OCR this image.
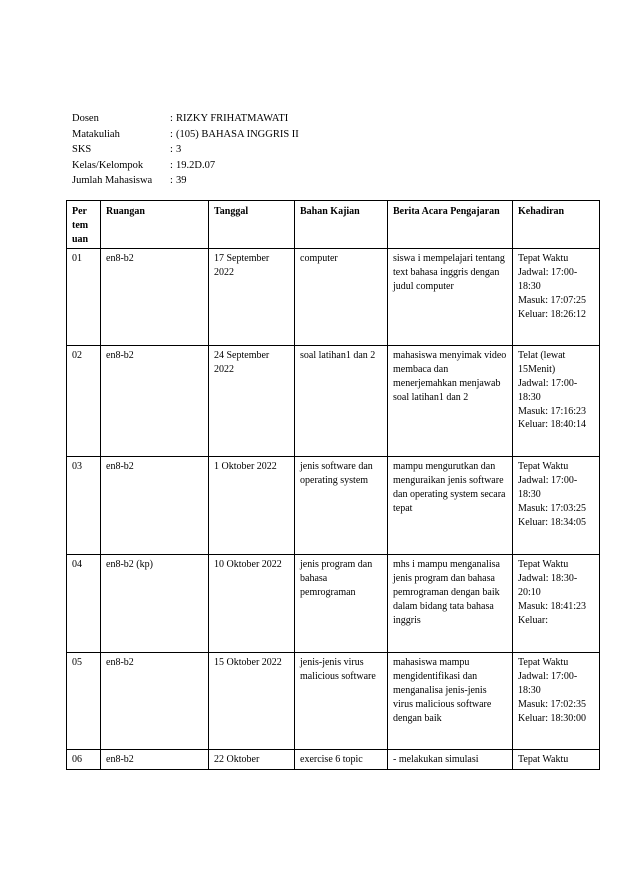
Dosen	: RIZKY FRIHATMAWATI
Matakuliah	: (105) BAHASA INGGRIS II
SKS	: 3
Kelas/Kelompok	: 19.2D.07
Jumlah Mahasiswa	: 39
Per tem uan	Ruangan	Tanggal	Bahan Kajian	Berita Acara Pengajaran	Kehadiran
01	en8-b2	17 September 2022	computer	siswa i mempelajari tentang text bahasa inggris dengan judul computer	Tepat Waktu
Jadwal: 17:00-18:30
Masuk: 17:07:25
Keluar: 18:26:12

02	en8-b2	24 September 2022	soal latihan1 dan 2	mahasiswa menyimak video membaca dan menerjemahkan menjawab soal latihan1 dan 2	Telat (lewat 15Menit)
Jadwal: 17:00-18:30
Masuk: 17:16:23
Keluar: 18:40:14

03	en8-b2	1 Oktober 2022	jenis software dan operating system	mampu mengurutkan dan menguraikan jenis software dan operating system secara tepat	Tepat Waktu
Jadwal: 17:00-18:30
Masuk: 17:03:25
Keluar: 18:34:05

04	en8-b2 (kp)	10 Oktober 2022	jenis program dan bahasa pemrograman	mhs i mampu menganalisa jenis program dan bahasa pemrograman dengan baik dalam bidang tata bahasa inggris	Tepat Waktu
Jadwal: 18:30-20:10
Masuk: 18:41:23
Keluar:

05	en8-b2	15 Oktober 2022	jenis-jenis virus malicious software	mahasiswa mampu mengidentifikasi dan menganalisa jenis-jenis virus malicious software dengan baik	Tepat Waktu
Jadwal: 17:00-18:30
Masuk: 17:02:35
Keluar: 18:30:00

06	en8-b2	22 Oktober	exercise 6 topic	- melakukan simulasi	Tepat Waktu
